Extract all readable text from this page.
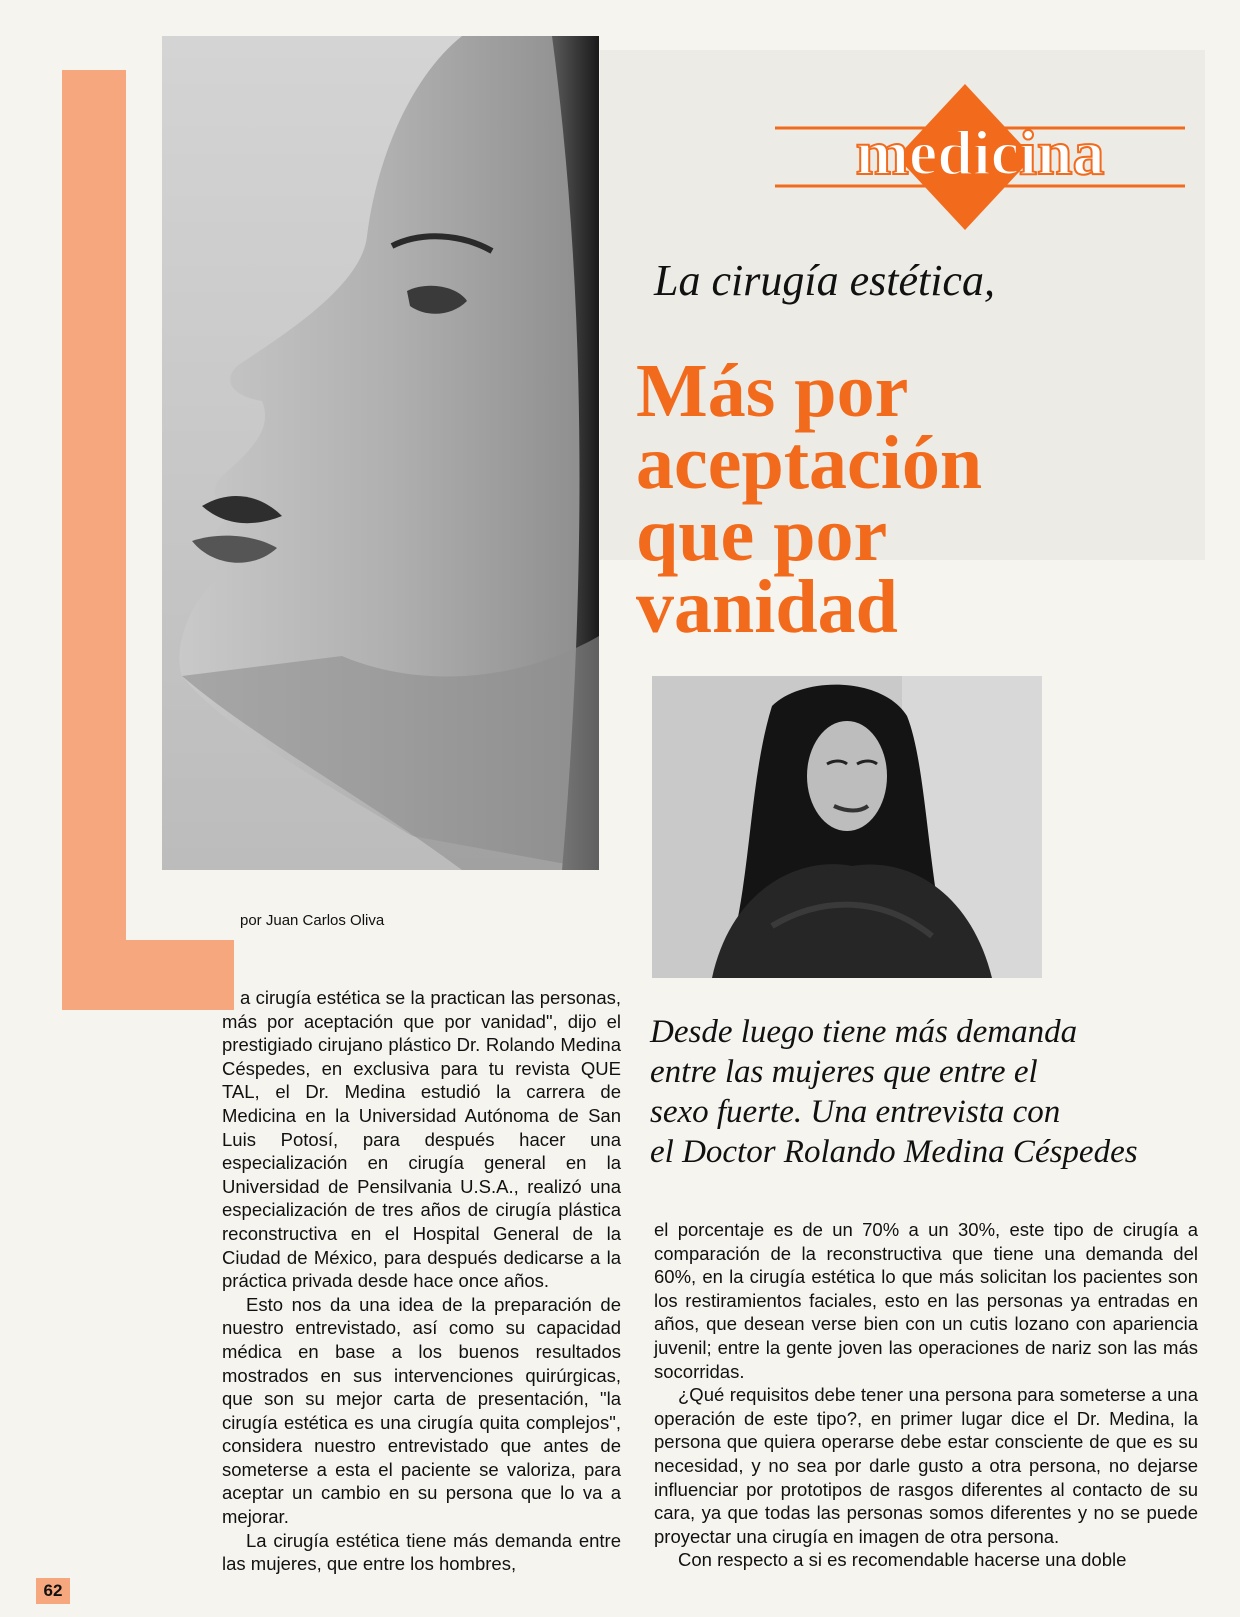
medicina

La cirugía estética,

Más por
aceptación
que por
vanidad

Desde luego tiene más demanda
entre las mujeres que entre el
sexo fuerte. Una entrevista con
el Doctor Rolando Medina Céspedes

por Juan Carlos Oliva

a cirugía estética se la practican las personas, más por aceptación que por vanidad", dijo el prestigiado cirujano plástico Dr. Rolando Medina Céspedes, en exclusiva para tu revista QUE TAL, el Dr. Medina estudió la carrera de Medicina en la Universidad Autónoma de San Luis Potosí, para después hacer una especialización en cirugía general en la Universidad de Pensilvania U.S.A., realizó una especialización de tres años de cirugía plástica reconstructiva en el Hospital General de la Ciudad de México, para después dedicarse a la práctica privada desde hace once años.

Esto nos da una idea de la preparación de nuestro entrevistado, así como su capacidad médica en base a los buenos resultados mostrados en sus intervenciones quirúrgicas, que son su mejor carta de presentación, "la cirugía estética es una cirugía quita complejos", considera nuestro entrevistado que antes de someterse a esta el paciente se valoriza, para aceptar un cambio en su persona que lo va a mejorar.

La cirugía estética tiene más demanda entre las mujeres, que entre los hombres,

el porcentaje es de un 70% a un 30%, este tipo de cirugía a comparación de la reconstructiva que tiene una demanda del 60%, en la cirugía estética lo que más solicitan los pacientes son los restiramientos faciales, esto en las personas ya entradas en años, que desean verse bien con un cutis lozano con apariencia juvenil; entre la gente joven las operaciones de nariz son las más socorridas.

¿Qué requisitos debe tener una persona para someterse a una operación de este tipo?, en primer lugar dice el Dr. Medina, la persona que quiera operarse debe estar consciente de que es su necesidad, y no sea por darle gusto a otra persona, no dejarse influenciar por prototipos de rasgos diferentes al contacto de su cara, ya que todas las personas somos diferentes y no se puede proyectar una cirugía en imagen de otra persona.

Con respecto a si es recomendable hacerse una doble

62
